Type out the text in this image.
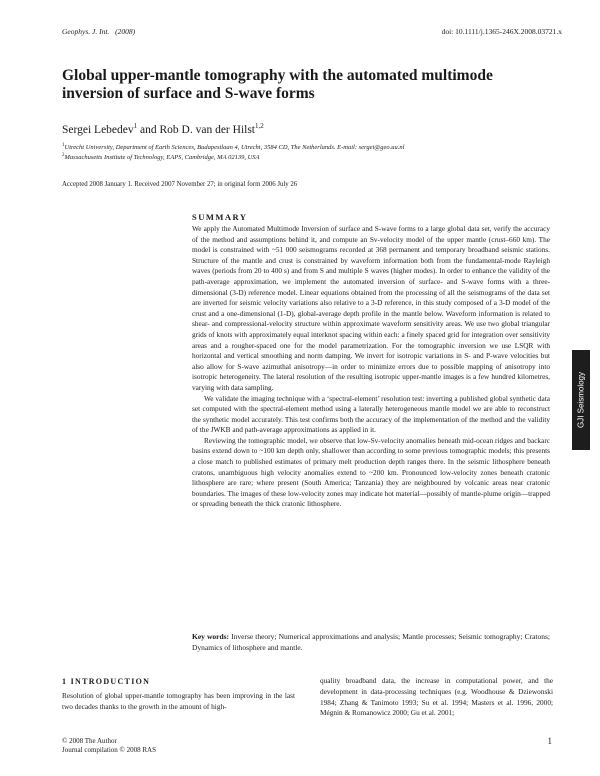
Geophys. J. Int. (2008)	doi: 10.1111/j.1365-246X.2008.03721.x
Global upper-mantle tomography with the automated multimode inversion of surface and S-wave forms
Sergei Lebedev$^1$ and Rob D. van der Hilst$^{1,2}$
$^1$Utrecht University, Department of Earth Sciences, Budapestlaan 4, Utrecht, 3584 CD, The Netherlands. E-mail: sergei@geo.uu.nl
$^2$Massachusetts Institute of Technology, EAPS, Cambridge, MA 02139, USA
Accepted 2008 January 1. Received 2007 November 27; in original form 2006 July 26
SUMMARY

We apply the Automated Multimode Inversion of surface and S-wave forms to a large global data set, verify the accuracy of the method and assumptions behind it, and compute an Sv-velocity model of the upper mantle (crust–660 km). The model is constrained with ~51 000 seismograms recorded at 368 permanent and temporary broadband seismic stations. Structure of the mantle and crust is constrained by waveform information both from the fundamental-mode Rayleigh waves (periods from 20 to 400 s) and from S and multiple S waves (higher modes). In order to enhance the validity of the path-average approximation, we implement the automated inversion of surface- and S-wave forms with a three-dimensional (3-D) reference model. Linear equations obtained from the processing of all the seismograms of the data set are inverted for seismic velocity variations also relative to a 3-D reference, in this study composed of a 3-D model of the crust and a one-dimensional (1-D), global-average depth profile in the mantle below. Waveform information is related to shear- and compressional-velocity structure within approximate waveform sensitivity areas. We use two global triangular grids of knots with approximately equal interknot spacing within each: a finely spaced grid for integration over sensitivity areas and a rougher-spaced one for the model parametrization. For the tomographic inversion we use LSQR with horizontal and vertical smoothing and norm damping. We invert for isotropic variations in S- and P-wave velocities but also allow for S-wave azimuthal anisotropy—in order to minimize errors due to possible mapping of anisotropy into isotropic heterogeneity. The lateral resolution of the resulting isotropic upper-mantle images is a few hundred kilometres, varying with data sampling.

We validate the imaging technique with a ‘spectral-element’ resolution test: inverting a published global synthetic data set computed with the spectral-element method using a laterally heterogeneous mantle model we are able to reconstruct the synthetic model accurately. This test confirms both the accuracy of the implementation of the method and the validity of the JWKB and path-average approximations as applied in it.

Reviewing the tomographic model, we observe that low-Sv-velocity anomalies beneath mid-ocean ridges and backarc basins extend down to ~100 km depth only, shallower than according to some previous tomographic models; this presents a close match to published estimates of primary melt production depth ranges there. In the seismic lithosphere beneath cratons, unambiguous high velocity anomalies extend to ~200 km. Pronounced low-velocity zones beneath cratonic lithosphere are rare; where present (South America; Tanzania) they are neighboured by volcanic areas near cratonic boundaries. The images of these low-velocity zones may indicate hot material—possibly of mantle-plume origin—trapped or spreading beneath the thick cratonic lithosphere.

Key words: Inverse theory; Numerical approximations and analysis; Mantle processes; Seismic tomography; Cratons; Dynamics of lithosphere and mantle.
GJI Seismology
1 INTRODUCTION
Resolution of global upper-mantle tomography has been improving in the last two decades thanks to the growth in the amount of high-
quality broadband data, the increase in computational power, and the development in data-processing techniques (e.g. Woodhouse & Dziewonski 1984; Zhang & Tanimoto 1993; Su et al. 1994; Masters et al. 1996, 2000; Mégnin & Romanowicz 2000; Gu et al. 2001;
© 2008 The Author
Journal compilation © 2008 RAS
1
